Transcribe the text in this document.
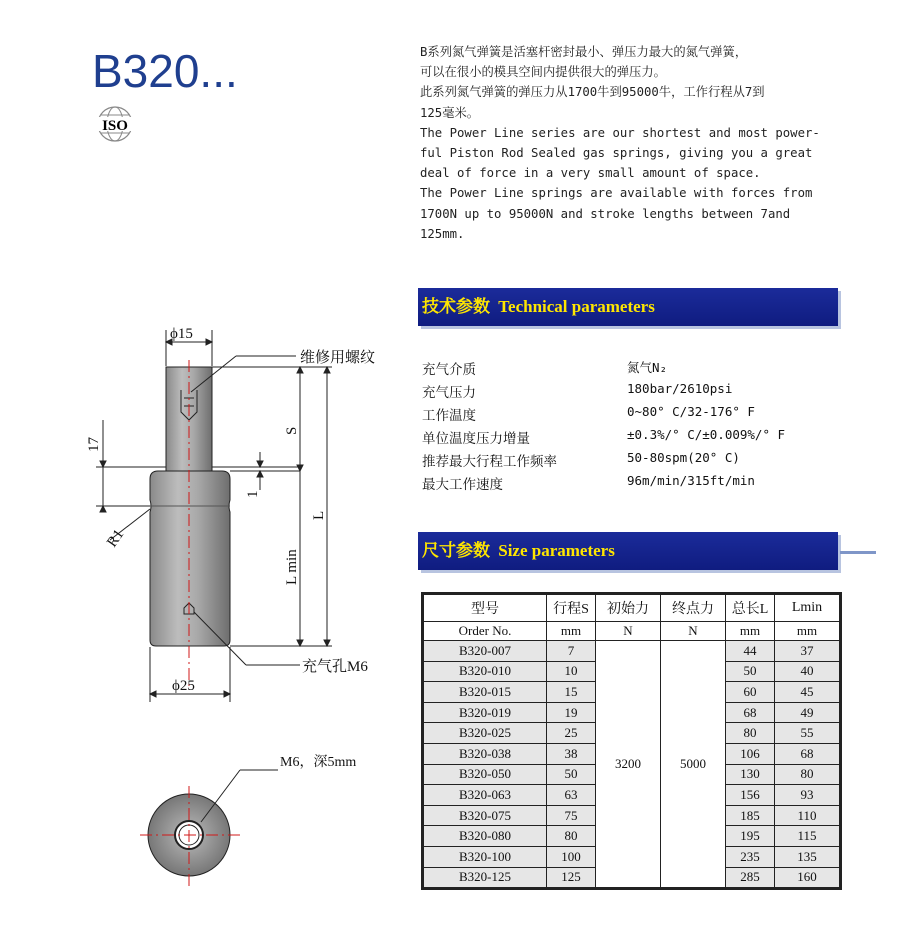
B320...
ISO
B系列氮气弹簧是活塞杆密封最小、弹压力最大的氮气弹簧，
可以在很小的模具空间内提供很大的弹压力。
此系列氮气弹簧的弹压力从1700牛到95000牛，工作行程从7到
125毫米。
The Power Line series are our shortest and most power-
ful Piston Rod Sealed gas springs, giving you a great
deal of force in a very small amount of space.
The Power Line springs are available with forces from
1700N up to 95000N and stroke lengths between 7and
125mm.
技术参数 Technical parameters
充气介质	氮气N₂
充气压力	180bar/2610psi
工作温度	0~80° C/32-176° F
单位温度压力增量	±0.3%/° C/±0.009%/° F
推荐最大行程工作频率	50-80spm(20° C)
最大工作速度	96m/min/315ft/min
尺寸参数 Size parameters
型号	行程S	初始力	终点力	总长L	Lmin
Order No.	mm	N	N	mm	mm
B320-007	7	3200	5000	44	37
B320-010	10			50	40
B320-015	15			60	45
B320-019	19			68	49
B320-025	25			80	55
B320-038	38			106	68
B320-050	50			130	80
B320-063	63			156	93
B320-075	75			185	110
B320-080	80			195	115
B320-100	100			235	135
B320-125	125			285	160
ϕ15
ϕ25
维修用螺纹
充气孔M6
M6，深5mm
17
S
L
L min
1
R1
